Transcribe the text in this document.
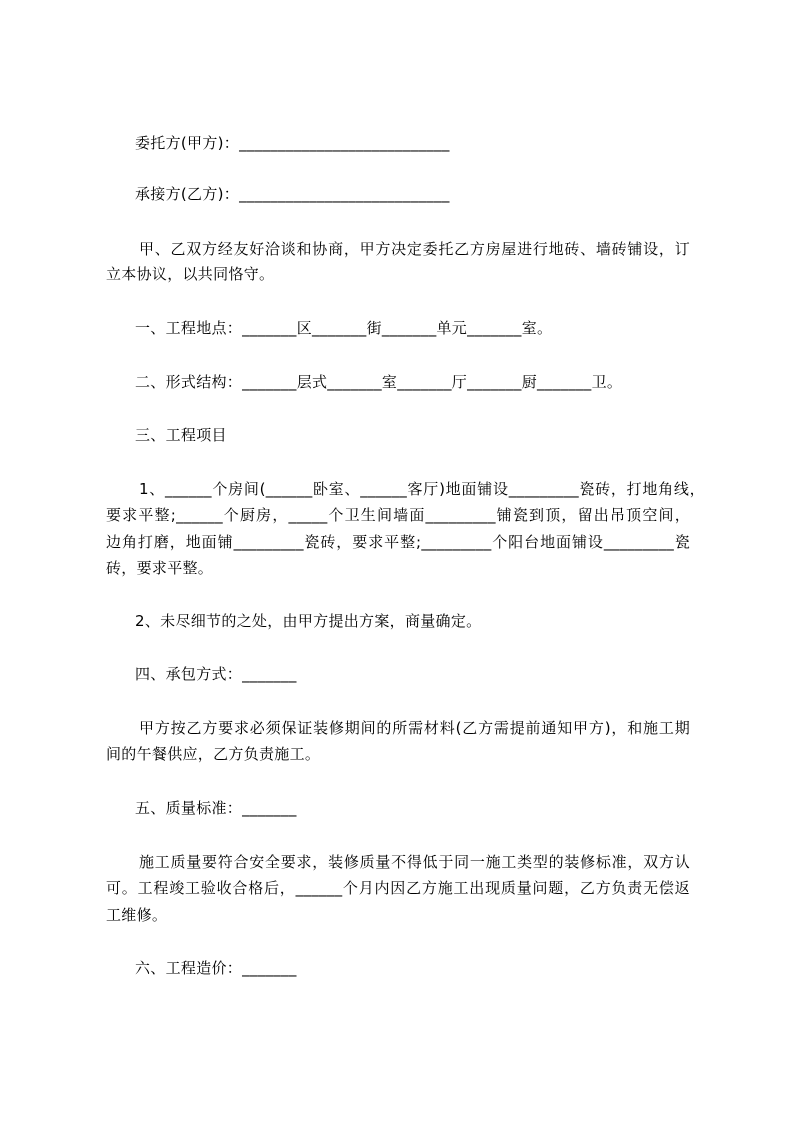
委托方(甲方)：___________________________
承接方(乙方)：___________________________
甲、乙双方经友好洽谈和协商，甲方决定委托乙方房屋进行地砖、墙砖铺设，订
立本协议，以共同恪守。
一、工程地点：_______区_______街_______单元_______室。
二、形式结构：_______层式_______室_______厅_______厨_______卫。
三、工程项目
1、______个房间(______卧室、______客厅)地面铺设_________瓷砖，打地角线，
要求平整;______个厨房，_____个卫生间墙面_________铺瓷到顶，留出吊顶空间，
边角打磨，地面铺_________瓷砖，要求平整;_________个阳台地面铺设_________瓷
砖，要求平整。
2、未尽细节的之处，由甲方提出方案，商量确定。
四、承包方式：_______
甲方按乙方要求必须保证装修期间的所需材料(乙方需提前通知甲方)，和施工期
间的午餐供应，乙方负责施工。
五、质量标准：_______
施工质量要符合安全要求，装修质量不得低于同一施工类型的装修标准，双方认
可。工程竣工验收合格后，______个月内因乙方施工出现质量问题，乙方负责无偿返
工维修。
六、工程造价：_______
